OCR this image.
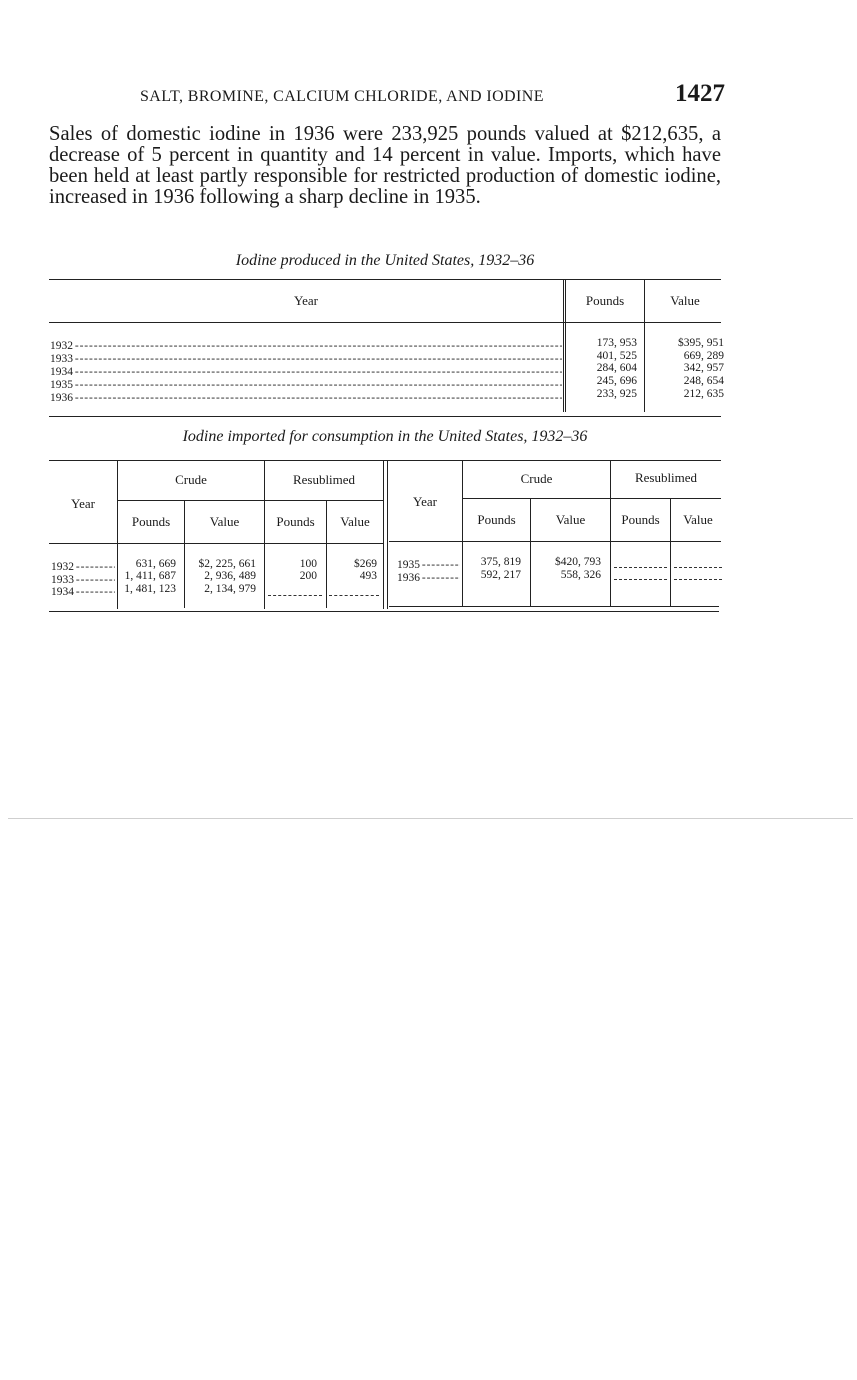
SALT, BROMINE, CALCIUM CHLORIDE, AND IODINE	1427

Sales of domestic iodine in 1936 were 233,925 pounds valued at $212,635, a decrease of 5 percent in quantity and 14 percent in value. Imports, which have been held at least partly responsible for restricted production of domestic iodine, increased in 1936 following a sharp decline in 1935.

Iodine produced in the United States, 1932–36
Year	Pounds	Value
1932 - - -	173, 953	$395, 951
1933 - - -	401, 525	669, 289
1934 - - -	284, 604	342, 957
1935 - - -	245, 696	248, 654
1936 - - -	233, 925	212, 635
Iodine imported for consumption in the United States, 1932–36
Year
Crude	Resublimed
Pounds	Value	Pounds	Value
Year
Crude	Resublimed
Pounds	Value	Pounds	Value
1932 - - -	631, 669	$2, 225, 661	100	$269
1933 - - -	1, 411, 687	2, 936, 489	200	493
1934 - - -	1, 481, 123	2, 134, 979
1935 - - -	375, 819	$420, 793
1936 - - -	592, 217	558, 326
